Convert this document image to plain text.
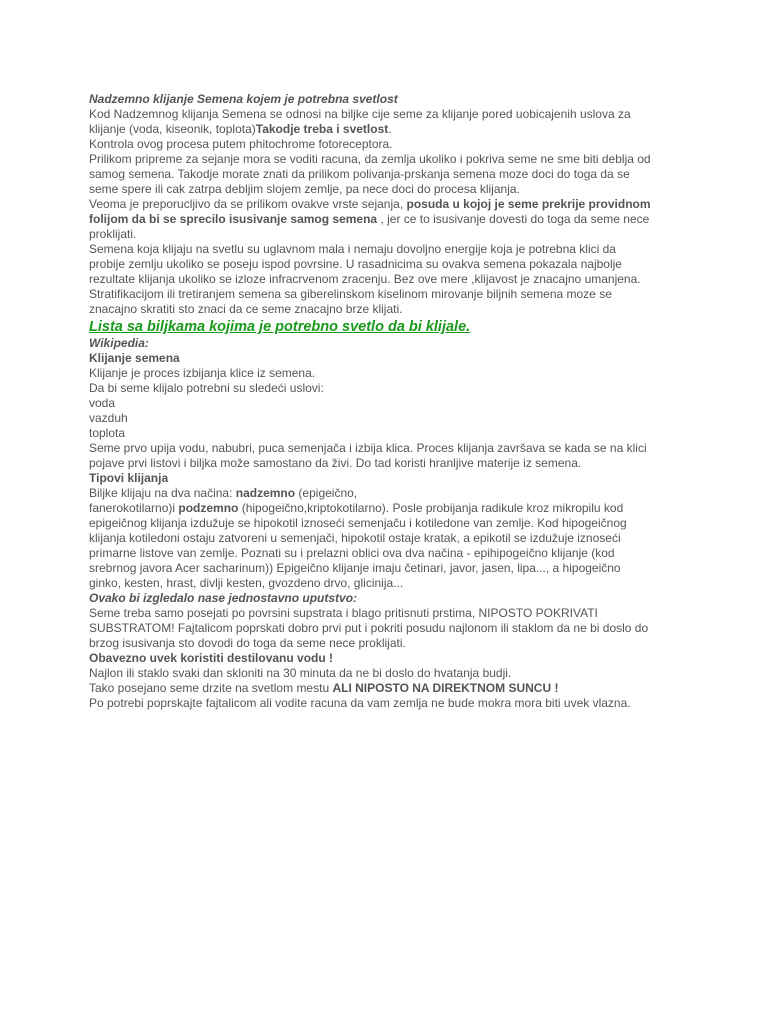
Nadzemno klijanje Semena kojem je potrebna svetlost

Kod Nadzemnog klijanja Semena se odnosi na biljke cije seme za klijanje pored uobicajenih uslova za

klijanje (voda, kiseonik, toplota)Takodje treba i svetlost.

Kontrola ovog procesa putem phitochrome fotoreceptora.

Prilikom pripreme za sejanje mora se voditi racuna, da zemlja ukoliko i pokriva seme ne sme biti deblja od

samog semena. Takodje morate znati da prilikom polivanja-prskanja semena moze doci do toga da se

seme spere ili cak zatrpa debljim slojem zemlje, pa nece doci do procesa klijanja.

Veoma je preporucljivo da se prilikom ovakve vrste sejanja, posuda u kojoj je seme prekrije providnom

folijom da bi se sprecilo isusivanje samog semena , jer ce to isusivanje dovesti do toga da seme nece

proklijati.

Semena koja klijaju na svetlu su uglavnom mala i nemaju dovoljno energije koja je potrebna klici da

probije zemlju ukoliko se poseju ispod povrsine. U rasadnicima su ovakva semena pokazala najbolje

rezultate klijanja ukoliko se izloze infracrvenom zracenju. Bez ove mere ,klijavost je znacajno umanjena.

Stratifikacijom ili tretiranjem semena sa giberelinskom kiselinom mirovanje biljnih semena moze se

znacajno skratiti sto znaci da ce seme znacajno brze klijati.

Lista sa biljkama kojima je potrebno svetlo da bi klijale.

Wikipedia:

Klijanje semena

Klijanje je proces izbijanja klice iz semena.

Da bi seme klijalo potrebni su sledeći uslovi:

voda

vazduh

toplota

Seme prvo upija vodu, nabubri, puca semenjača i izbija klica. Proces klijanja završava se kada se na klici

pojave prvi listovi i biljka može samostano da živi. Do tad koristi hranljive materije iz semena.

Tipovi klijanja

Biljke klijaju na dva načina: nadzemno (epigeično,

fanerokotilarno)i podzemno (hipogeično,kriptokotilarno). Posle probijanja radikule kroz mikropilu kod

epigeičnog klijanja izdužuje se hipokotil iznoseći semenjaču i kotiledone van zemlje. Kod hipogeičnog

klijanja kotiledoni ostaju zatvoreni u semenjači, hipokotil ostaje kratak, a epikotil se izdužuje iznoseći

primarne listove van zemlje. Poznati su i prelazni oblici ova dva načina - epihipogeično klijanje (kod

srebrnog javora Acer sacharinum)) Epigeično klijanje imaju četinari, javor, jasen, lipa..., a hipogeično

ginko, kesten, hrast, divlji kesten, gvozdeno drvo, glicinija...

Ovako bi izgledalo nase jednostavno uputstvo:

Seme treba samo posejati po povrsini supstrata i blago pritisnuti prstima, NIPOSTO POKRIVATI

SUBSTRATOM! Fajtalicom poprskati dobro prvi put i pokriti posudu najlonom ili staklom da ne bi doslo do

brzog isusivanja sto dovodi do toga da seme nece proklijati.

Obavezno uvek koristiti destilovanu vodu !

Najlon ili staklo svaki dan skloniti na 30 minuta da ne bi doslo do hvatanja budji.

Tako posejano seme drzite na svetlom mestu ALI NIPOSTO NA DIREKTNOM SUNCU !

Po potrebi poprskajte fajtalicom ali vodite racuna da vam zemlja ne bude mokra mora biti uvek vlazna.
